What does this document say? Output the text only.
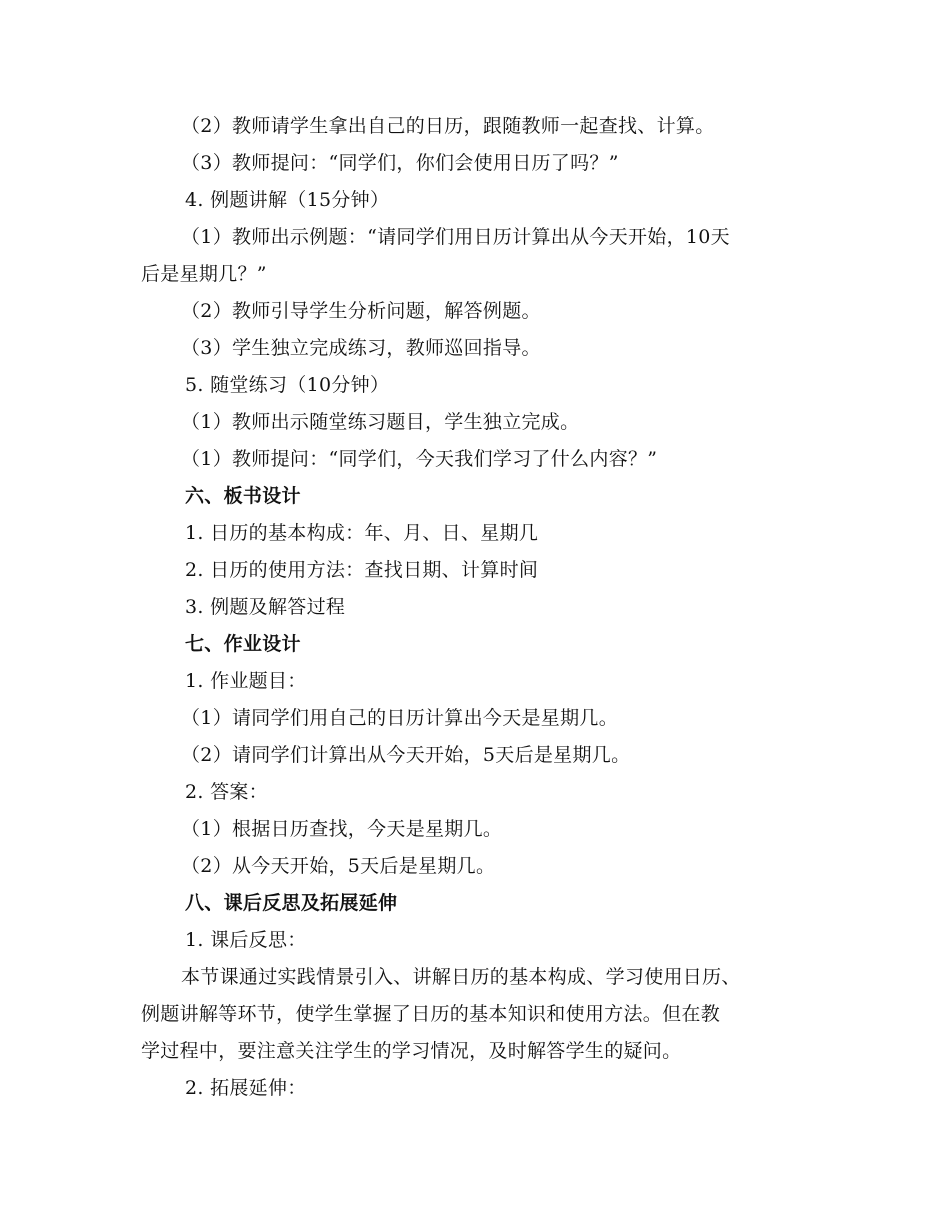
（2）教师请学生拿出自己的日历，跟随教师一起查找、计算。
（3）教师提问：“同学们，你们会使用日历了吗？”
4. 例题讲解（15分钟）
（1）教师出示例题：“请同学们用日历计算出从今天开始，10天
后是星期几？”
（2）教师引导学生分析问题，解答例题。
（3）学生独立完成练习，教师巡回指导。
5. 随堂练习（10分钟）
（1）教师出示随堂练习题目，学生独立完成。
（1）教师提问：“同学们，今天我们学习了什么内容？”
六、板书设计
1. 日历的基本构成：年、月、日、星期几
2. 日历的使用方法：查找日期、计算时间
3. 例题及解答过程
七、作业设计
1. 作业题目：
（1）请同学们用自己的日历计算出今天是星期几。
（2）请同学们计算出从今天开始，5天后是星期几。
2. 答案：
（1）根据日历查找，今天是星期几。
（2）从今天开始，5天后是星期几。
八、课后反思及拓展延伸
1. 课后反思：
本节课通过实践情景引入、讲解日历的基本构成、学习使用日历、
例题讲解等环节，使学生掌握了日历的基本知识和使用方法。但在教
学过程中，要注意关注学生的学习情况，及时解答学生的疑问。
2. 拓展延伸：
